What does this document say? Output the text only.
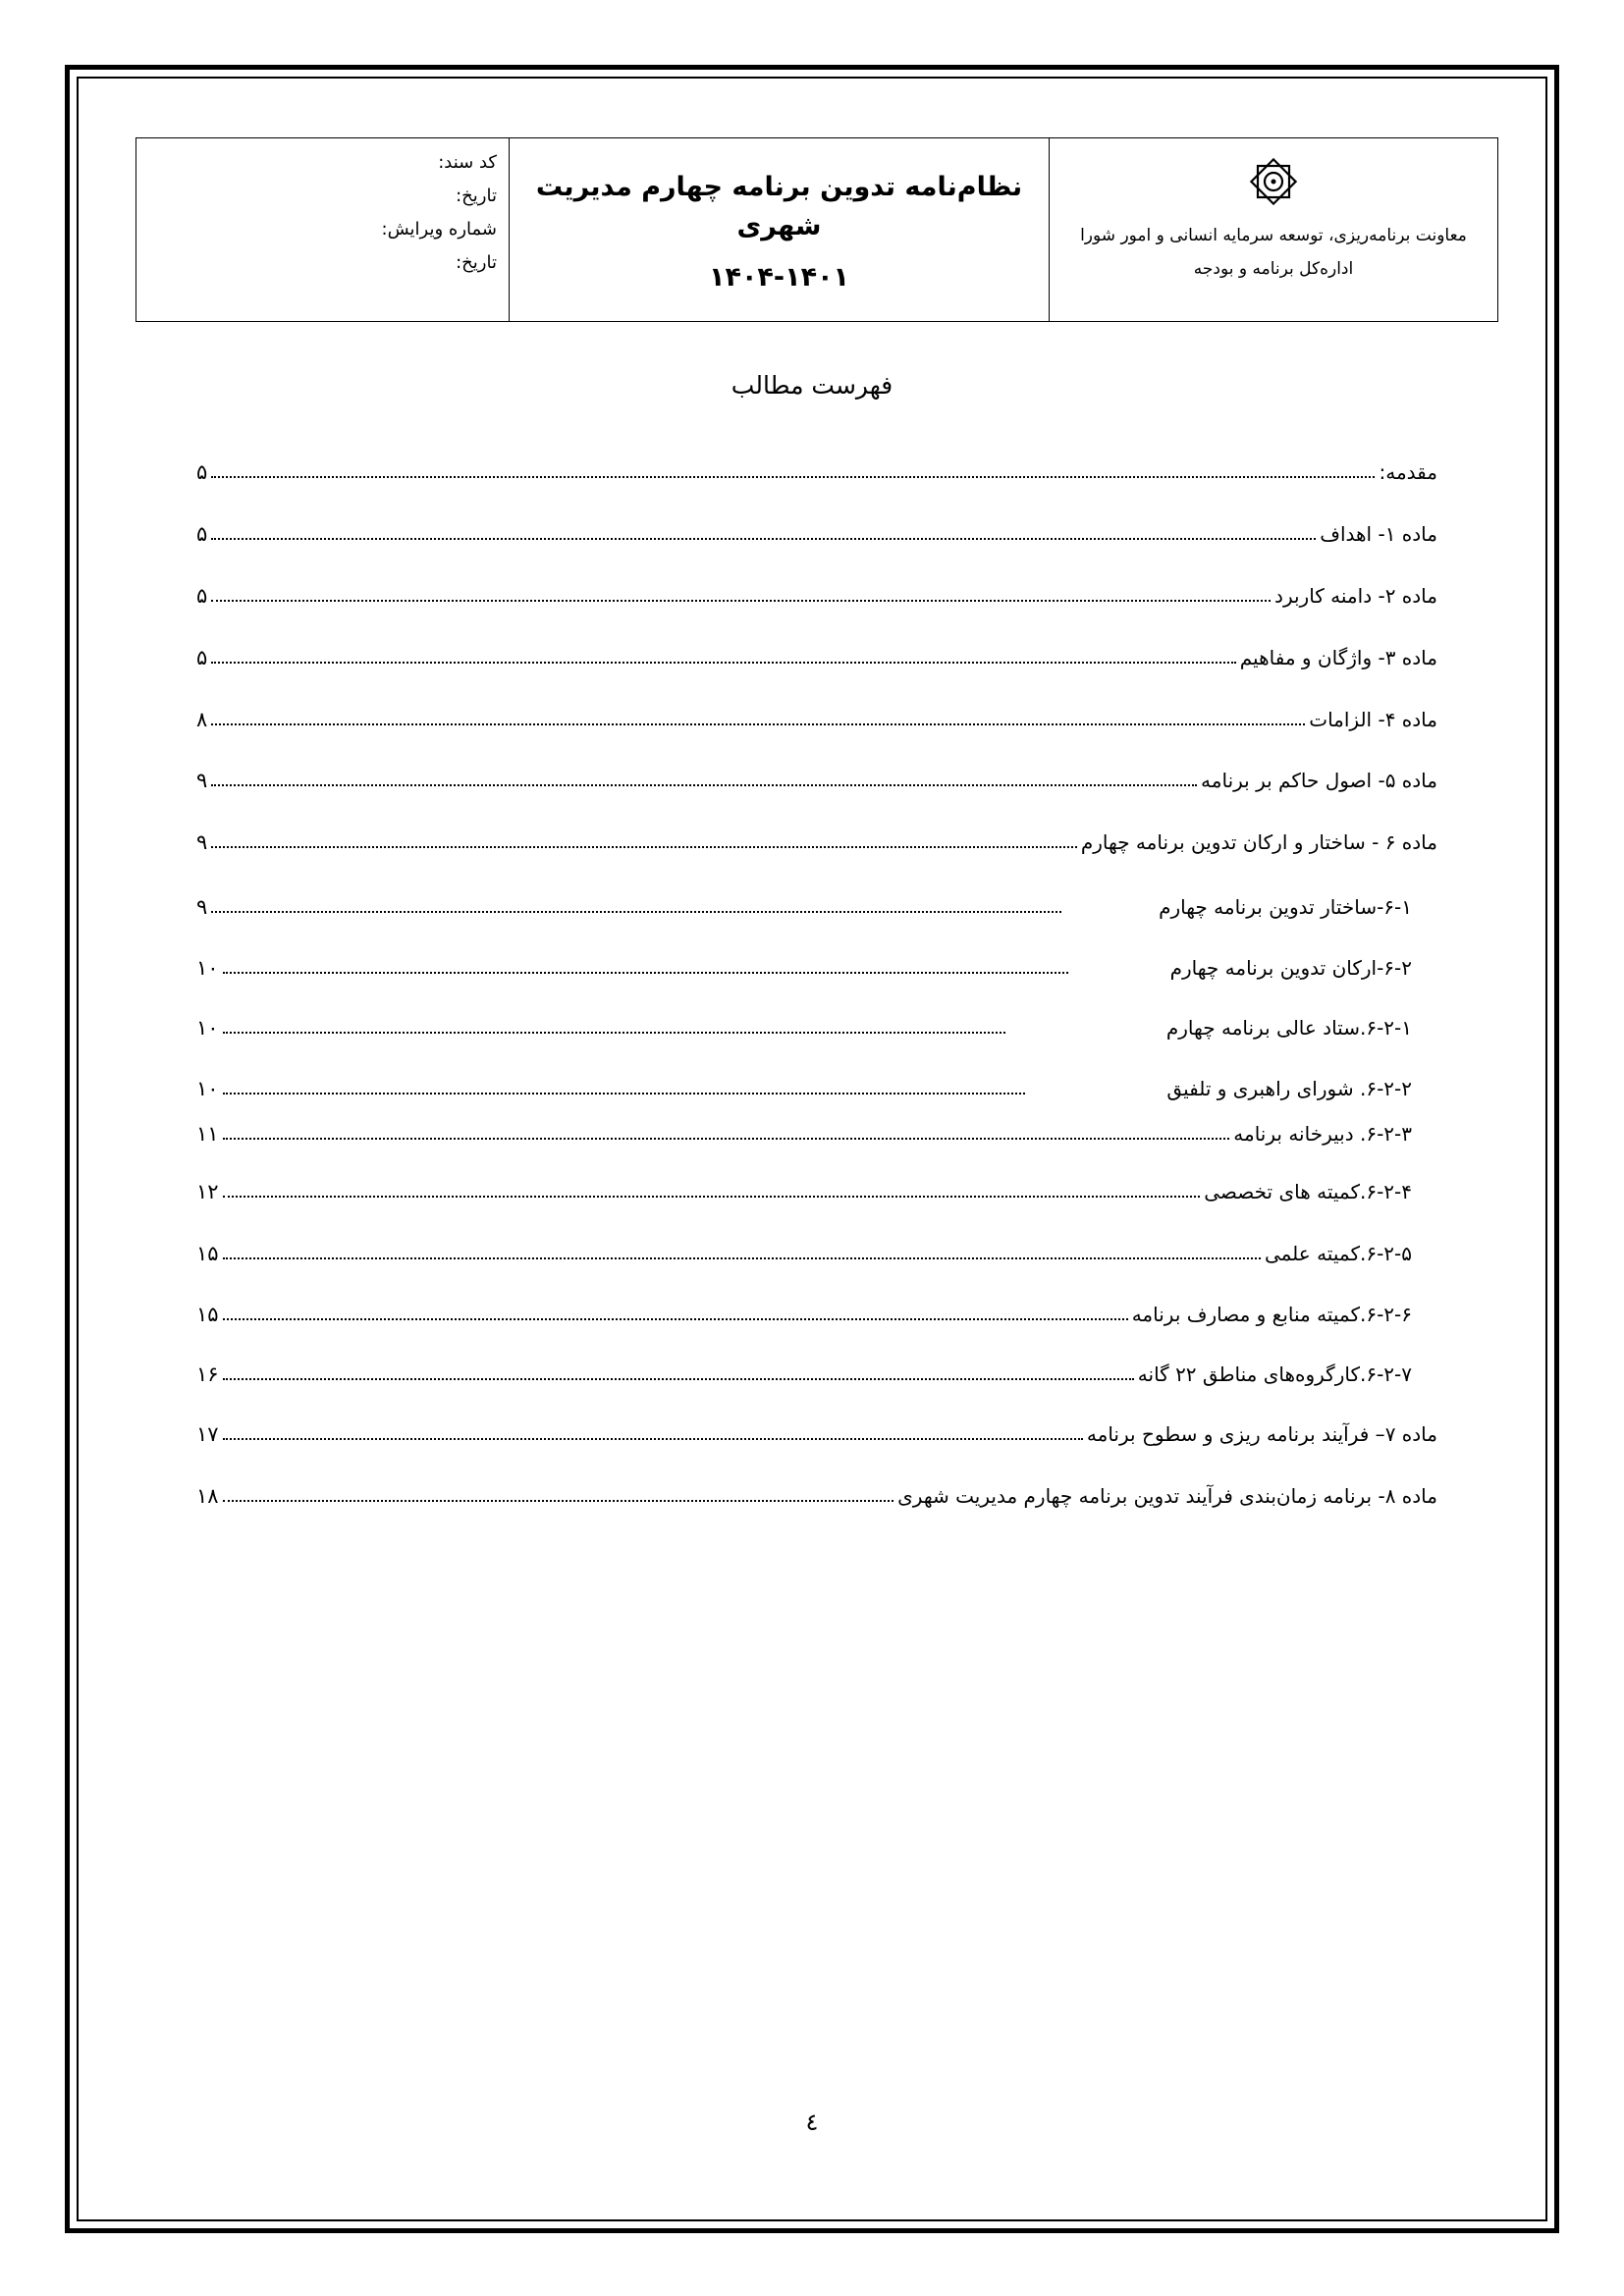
کد سند:
تاریخ:
شماره ویرایش:
تاریخ:
نظام‌نامه تدوین برنامه چهارم مدیریت شهری
۱۴۰۴-۱۴۰۱
معاونت برنامه‌ریزی، توسعه سرمایه انسانی و امور شورا
اداره‌کل برنامه و بودجه
فهرست مطالب
مقدمه:
۵
ماده ۱- اهداف
۵
ماده ۲- دامنه کاربرد
۵
ماده ۳- واژگان و مفاهیم
۵
ماده ۴- الزامات
۸
ماده ۵- اصول حاکم بر برنامه
۹
ماده ۶ - ساختار و ارکان تدوین برنامه چهارم
۹
۶-۱-ساختار تدوین برنامه چهارم
۹
۶-۲-ارکان تدوین برنامه چهارم
۱۰
۶-۲-۱.ستاد عالی برنامه چهارم
۱۰
۶-۲-۲. شورای راهبری و تلفیق
۱۰
۶-۲-۳. دبیرخانه برنامه
۱۱
۶-۲-۴.کمیته های تخصصی
۱۲
۶-۲-۵.کمیته علمی
۱۵
۶-۲-۶.کمیته منابع و مصارف برنامه
۱۵
۶-۲-۷.کارگروه‌های مناطق ۲۲ گانه
۱۶
ماده ۷– فرآیند برنامه ریزی و سطوح برنامه
۱۷
ماده ۸- برنامه زمان‌بندی فرآیند تدوین برنامه چهارم مدیریت شهری
۱۸
٤
